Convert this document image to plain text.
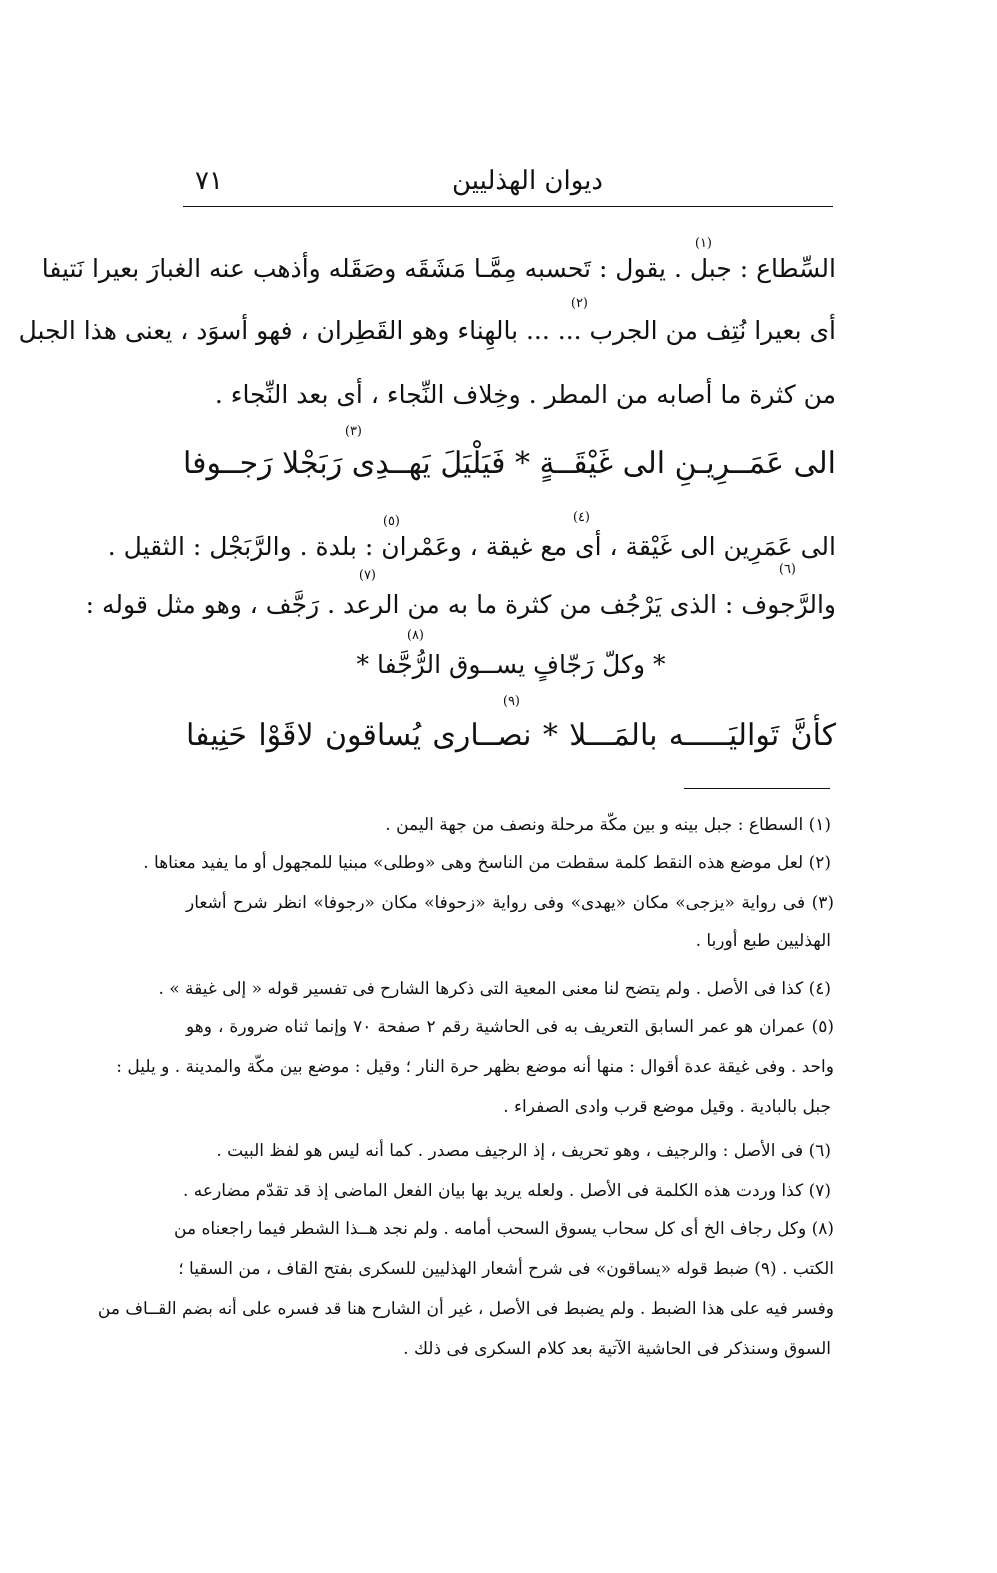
ديوان الهذليين
٧١
(١)
السِّطاع : جبل . يقول : تَحسبه مِمَّـا مَشَقَه وصَقَله وأذهب عنه الغبارَ بعيرا نَتيفا
(٢)
أى بعيرا نُتِف من الجرب ... ... بالهِناء وهو القَطِران ، فهو أسوَد ، يعنى هذا الجبل
من كثرة ما أصابه من المطر . وخِلاف النِّجاء ، أى بعد النِّجاء .
(٣)
الى عَمَــرِيـنِ الى غَيْقَــةٍ * فَيَلْيَلَ يَهــدِى رَبَجْلا رَجــوفا
(٤)
(٥)
الى عَمَرِين الى غَيْقة ، أى مع غيقة ، وعَمْران : بلدة . والرَّبَجْل : الثقيل .
(٦)
(٧)
والرَّجوف : الذى يَرْجُف من كثرة ما به من الرعد . رَجَّف ، وهو مثل قوله :
(٨)
* وكلّ رَجّافٍ يســوق الرُّجَّفا *
(٩)
كأنَّ تَواليَـــــه بالمَـــلا * نصــارى يُساقون لاقَوْا حَنِيفا
(١) السطاع : جبل بينه و بين مكّة مرحلة ونصف من جهة اليمن .
(٢) لعل موضع هذه النقط كلمة سقطت من الناسخ وهى «وطلى» مبنيا للمجهول أو ما يفيد معناها .
(٣) فى رواية «يزجى» مكان «يهدى» وفى رواية «زحوفا» مكان «رجوفا» انظر شرح أشعار
الهذليين طبع أوربا .
(٤) كذا فى الأصل . ولم يتضح لنا معنى المعية التى ذكرها الشارح فى تفسير قوله « إلى غيقة » .
(٥) عمران هو عمر السابق التعريف به فى الحاشية رقم ٢ صفحة ٧٠ وإنما ثناه ضرورة ، وهو
واحد . وفى غيقة عدة أقوال : منها أنه موضع بظهر حرة النار ؛ وقيل : موضع بين مكّة والمدينة . و يليل :
جبل بالبادية . وقيل موضع قرب وادى الصفراء .
(٦) فى الأصل : والرجيف ، وهو تحريف ، إذ الرجيف مصدر . كما أنه ليس هو لفظ البيت .
(٧) كذا وردت هذه الكلمة فى الأصل . ولعله يريد بها بيان الفعل الماضى إذ قد تقدّم مضارعه .
(٨) وكل رجاف الخ أى كل سحاب يسوق السحب أمامه . ولم نجد هــذا الشطر فيما راجعناه من
الكتب . (٩) ضبط قوله «يساقون» فى شرح أشعار الهذليين للسكرى بفتح القاف ، من السقيا ؛
وفسر فيه على هذا الضبط . ولم يضبط فى الأصل ، غير أن الشارح هنا قد فسره على أنه بضم القــاف من
السوق وسنذكر فى الحاشية الآتية بعد كلام السكرى فى ذلك .
